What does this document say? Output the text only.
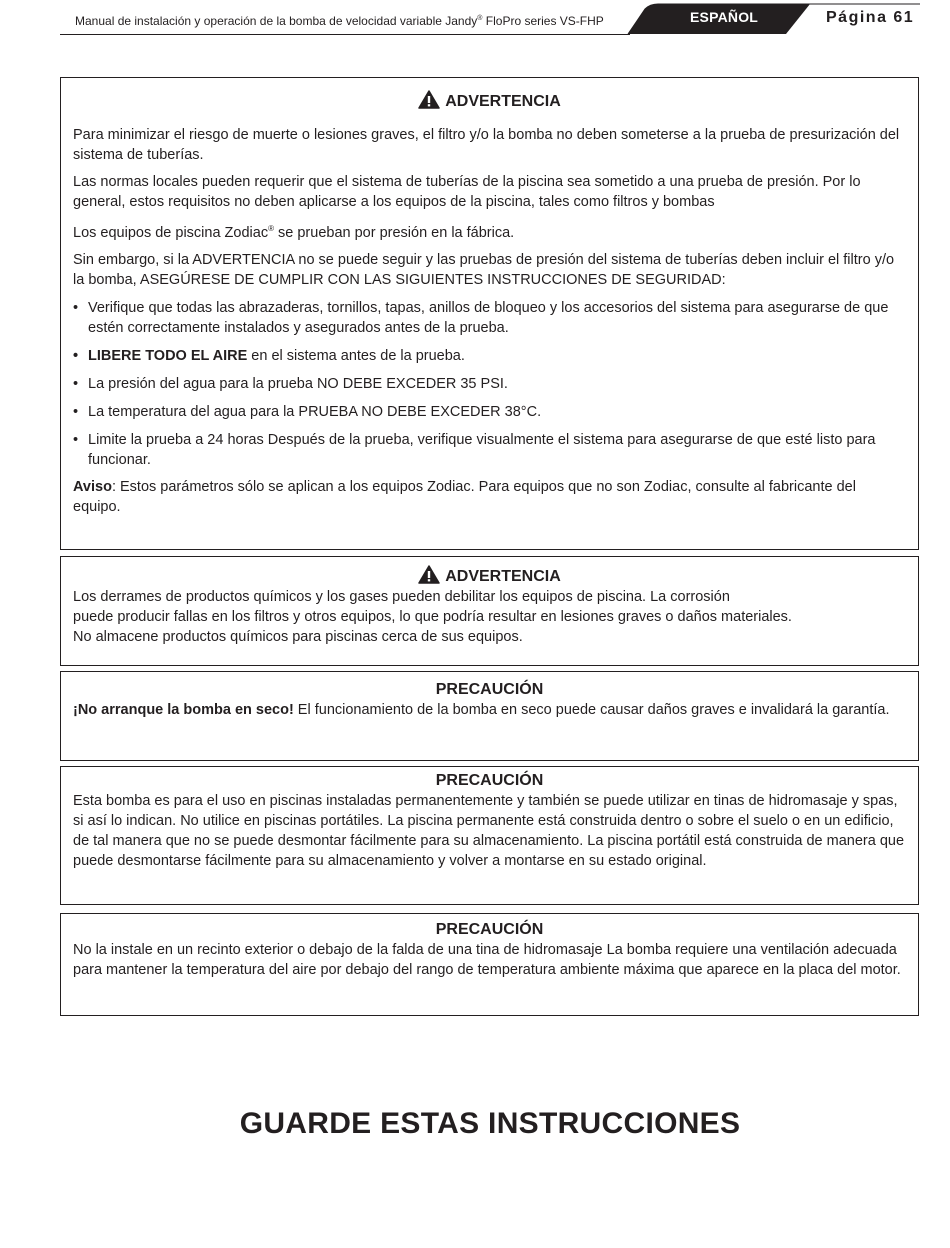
Manual de instalación y operación de la bomba de velocidad variable Jandy® FloPro series VS-FHP	ESPAÑOL	Página 61
ADVERTENCIA

Para minimizar el riesgo de muerte o lesiones graves, el filtro y/o la bomba no deben someterse a la prueba de presurización del sistema de tuberías.

Las normas locales pueden requerir que el sistema de tuberías de la piscina sea sometido a una prueba de presión. Por lo general, estos requisitos no deben aplicarse a los equipos de la piscina, tales como filtros y bombas

Los equipos de piscina Zodiac® se prueban por presión en la fábrica.

Sin embargo, si la ADVERTENCIA no se puede seguir y las pruebas de presión del sistema de tuberías deben incluir el filtro y/o la bomba, ASEGÚRESE DE CUMPLIR CON LAS SIGUIENTES INSTRUCCIONES DE SEGURIDAD:

• Verifique que todas las abrazaderas, tornillos, tapas, anillos de bloqueo y los accesorios del sistema para asegurarse de que estén correctamente instalados y asegurados antes de la prueba.
• LIBERE TODO EL AIRE en el sistema antes de la prueba.
• La presión del agua para la prueba NO DEBE EXCEDER 35 PSI.
• La temperatura del agua para la PRUEBA NO DEBE EXCEDER 38°C.
• Limite la prueba a 24 horas Después de la prueba, verifique visualmente el sistema para asegurarse de que esté listo para funcionar.

Aviso: Estos parámetros sólo se aplican a los equipos Zodiac. Para equipos que no son Zodiac, consulte al fabricante del equipo.

ADVERTENCIA

Los derrames de productos químicos y los gases pueden debilitar los equipos de piscina. La corrosión

puede producir fallas en los filtros y otros equipos, lo que podría resultar en lesiones graves o daños materiales.

No almacene productos químicos para piscinas cerca de sus equipos.

PRECAUCIÓN

¡No arranque la bomba en seco! El funcionamiento de la bomba en seco puede causar daños graves e invalidará la garantía.

PRECAUCIÓN

Esta bomba es para el uso en piscinas instaladas permanentemente y también se puede utilizar en tinas de hidromasaje y spas, si así lo indican. No utilice en piscinas portátiles. La piscina permanente está construida dentro o sobre el suelo o en un edificio, de tal manera que no se puede desmontar fácilmente para su almacenamiento. La piscina portátil está construida de manera que puede desmontarse fácilmente para su almacenamiento y volver a montarse en su estado original.

PRECAUCIÓN

No la instale en un recinto exterior o debajo de la falda de una tina de hidromasaje La bomba requiere una ventilación adecuada para mantener la temperatura del aire por debajo del rango de temperatura ambiente máxima que aparece en la placa del motor.

GUARDE ESTAS INSTRUCCIONES
